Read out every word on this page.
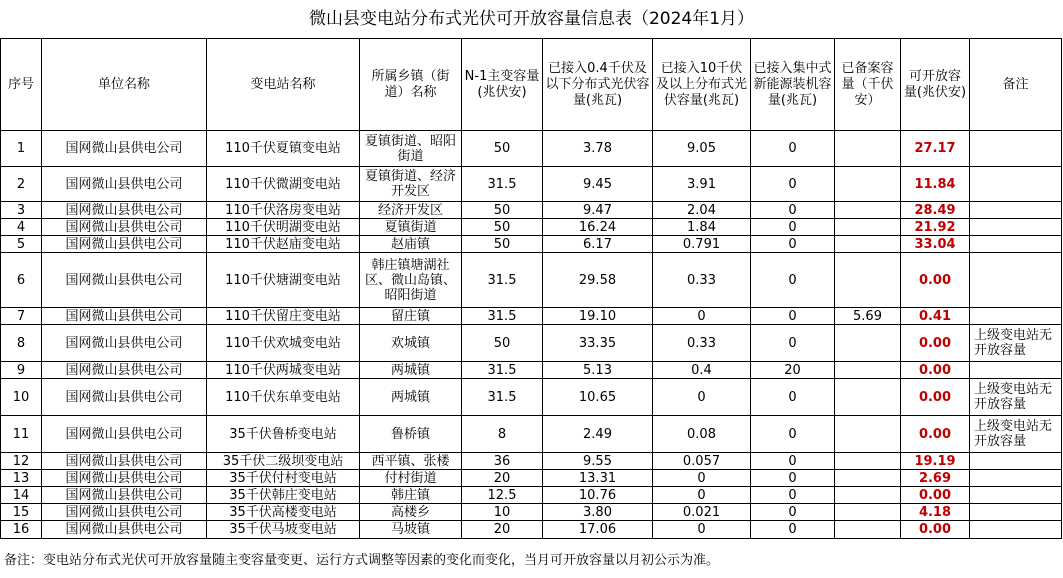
微山县变电站分布式光伏可开放容量信息表（2024年1月）
序号	单位名称	变电站名称	所属乡镇（街道）名称	N-1主变容量(兆伏安)	已接入0.4千伏及以下分布式光伏容量(兆瓦)	已接入10千伏及以上分布式光伏容量(兆瓦)	已接入集中式新能源装机容量(兆瓦)	已备案容量（千伏安）	可开放容量(兆伏安)	备注
1	国网微山县供电公司	110千伏夏镇变电站	夏镇街道、昭阳街道	50	3.78	9.05	0		27.17	
2	国网微山县供电公司	110千伏微湖变电站	夏镇街道、经济开发区	31.5	9.45	3.91	0		11.84	
3	国网微山县供电公司	110千伏洛房变电站	经济开发区	50	9.47	2.04	0		28.49	
4	国网微山县供电公司	110千伏明湖变电站	夏镇街道	50	16.24	1.84	0		21.92	
5	国网微山县供电公司	110千伏赵庙变电站	赵庙镇	50	6.17	0.791	0		33.04	
6	国网微山县供电公司	110千伏塘湖变电站	韩庄镇塘湖社区、微山岛镇、昭阳街道	31.5	29.58	0.33	0		0.00	
7	国网微山县供电公司	110千伏留庄变电站	留庄镇	31.5	19.10	0	0	5.69	0.41	
8	国网微山县供电公司	110千伏欢城变电站	欢城镇	50	33.35	0.33	0		0.00	上级变电站无开放容量
9	国网微山县供电公司	110千伏两城变电站	两城镇	31.5	5.13	0.4	20		0.00	
10	国网微山县供电公司	110千伏东单变电站	两城镇	31.5	10.65	0	0		0.00	上级变电站无开放容量
11	国网微山县供电公司	35千伏鲁桥变电站	鲁桥镇	8	2.49	0.08	0		0.00	上级变电站无开放容量
12	国网微山县供电公司	35千伏二级坝变电站	西平镇、张楼	36	9.55	0.057	0		19.19	
13	国网微山县供电公司	35千伏付村变电站	付村街道	20	13.31	0	0		2.69	
14	国网微山县供电公司	35千伏韩庄变电站	韩庄镇	12.5	10.76	0	0		0.00	
15	国网微山县供电公司	35千伏高楼变电站	高楼乡	10	3.80	0.021	0		4.18	
16	国网微山县供电公司	35千伏马坡变电站	马坡镇	20	17.06	0	0		0.00	
备注：变电站分布式光伏可开放容量随主变容量变更、运行方式调整等因素的变化而变化，当月可开放容量以月初公示为准。
